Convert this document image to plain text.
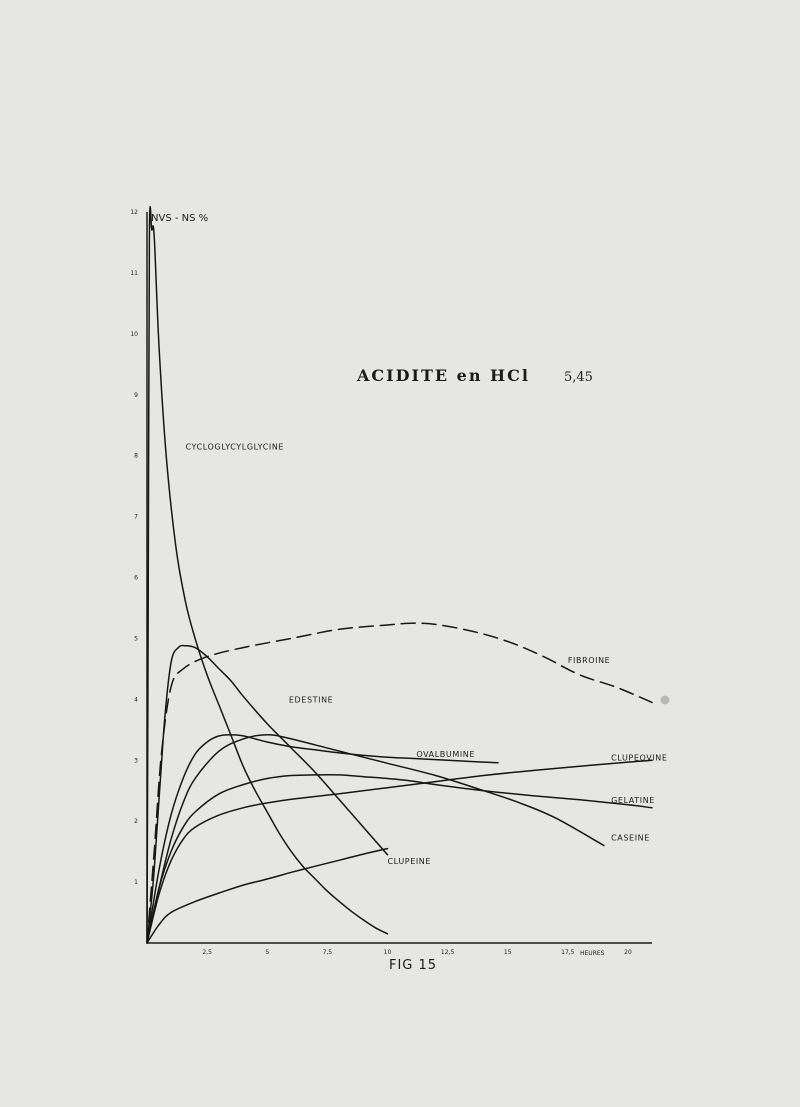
2,5	5	7,5	10	12,5	15	17,5	20
1
2
3
4
5
6
7
8
9
10
11
12
CYCLOGLYCYLGLYCINE
FIBROINE
EDESTINE
OVALBUMINE
CASEINE
GELATINE
CLUPEOVINE
CLUPEINE
NVS - NS %
ACIDITE en HCl	5,45
HEURES
FIG 15
